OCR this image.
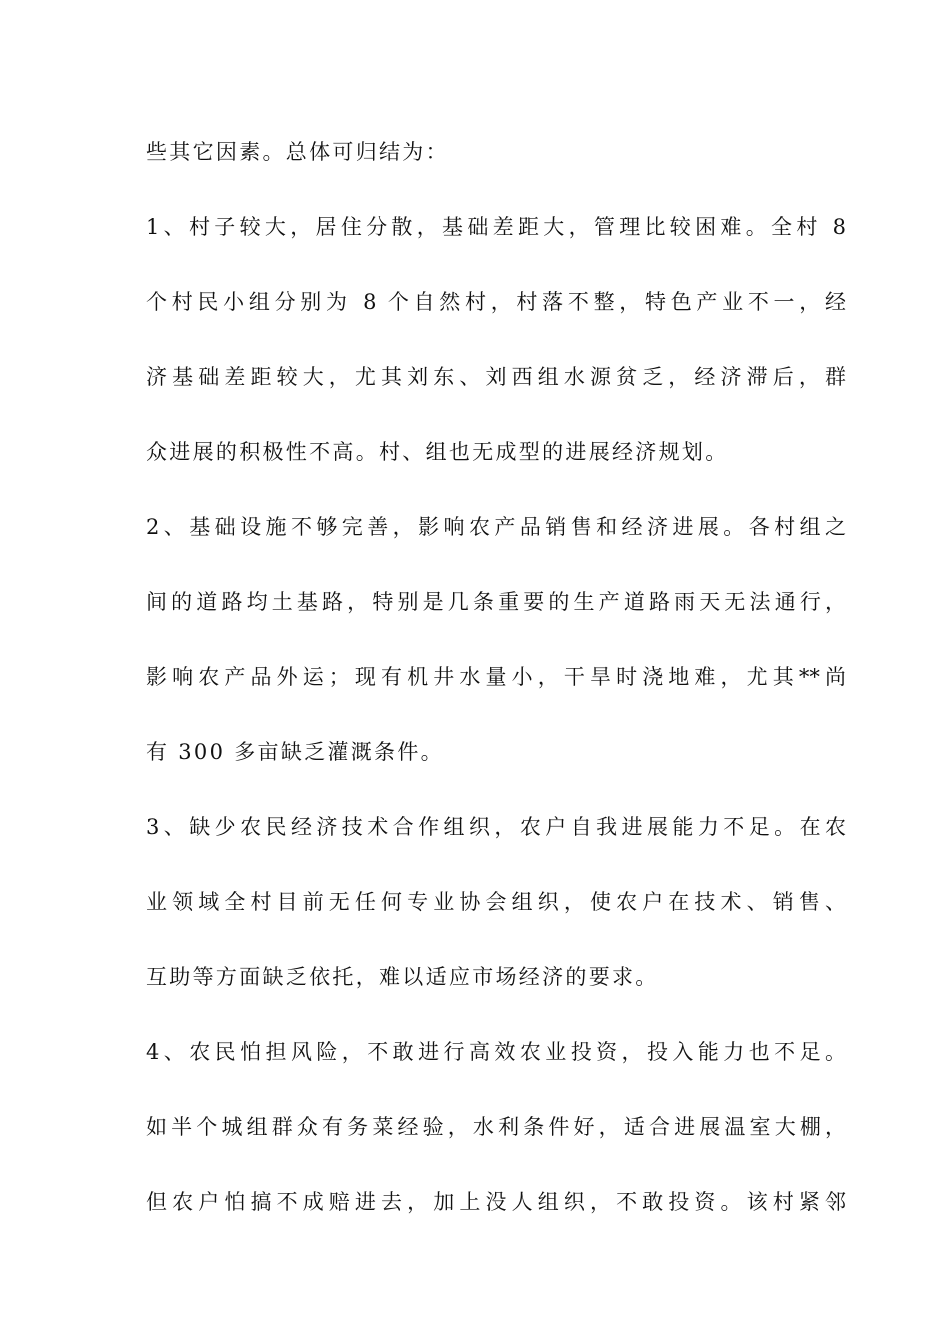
些其它因素。总体可归结为：
1、村子较大，居住分散，基础差距大，管理比较困难。全村 8
个村民小组分别为 8 个自然村，村落不整，特色产业不一，经
济基础差距较大，尤其刘东、刘西组水源贫乏，经济滞后，群
众进展的积极性不高。村、组也无成型的进展经济规划。
2、基础设施不够完善，影响农产品销售和经济进展。各村组之
间的道路均土基路，特别是几条重要的生产道路雨天无法通行，
影响农产品外运；现有机井水量小，干旱时浇地难，尤其**尚
有 300 多亩缺乏灌溉条件。
3、缺少农民经济技术合作组织，农户自我进展能力不足。在农
业领域全村目前无任何专业协会组织，使农户在技术、销售、
互助等方面缺乏依托，难以适应市场经济的要求。
4、农民怕担风险，不敢进行高效农业投资，投入能力也不足。
如半个城组群众有务菜经验，水利条件好，适合进展温室大棚，
但农户怕搞不成赔进去，加上没人组织，不敢投资。该村紧邻
